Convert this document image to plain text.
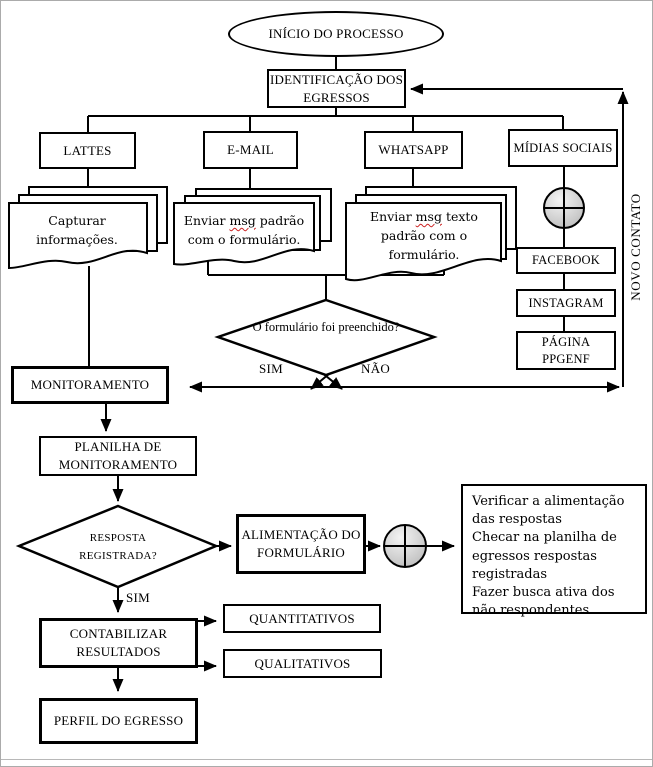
INÍCIO DO PROCESSO
IDENTIFICAÇÃO DOS EGRESSOS
LATTES	E-MAIL	WHATSAPP	MÍDIAS SOCIAIS
Capturar informações.
Enviar msg padrão com o formulário.
Enviar msg texto padrão com o formulário.	FACEBOOK
INSTAGRAM
PÁGINA PPGENF
O formulário foi preenchido?
SIM	NÃO
MONITORAMENTO
PLANILHA DE MONITORAMENTO
RESPOSTA REGISTRADA?
SIM
ALIMENTAÇÃO DO FORMULÁRIO
Verificar a alimentação das respostas
Checar na planilha de egressos respostas registradas
Fazer busca ativa dos não respondentes
CONTABILIZAR RESULTADOS
QUANTITATIVOS
QUALITATIVOS
PERFIL DO EGRESSO
NOVO CONTATO
